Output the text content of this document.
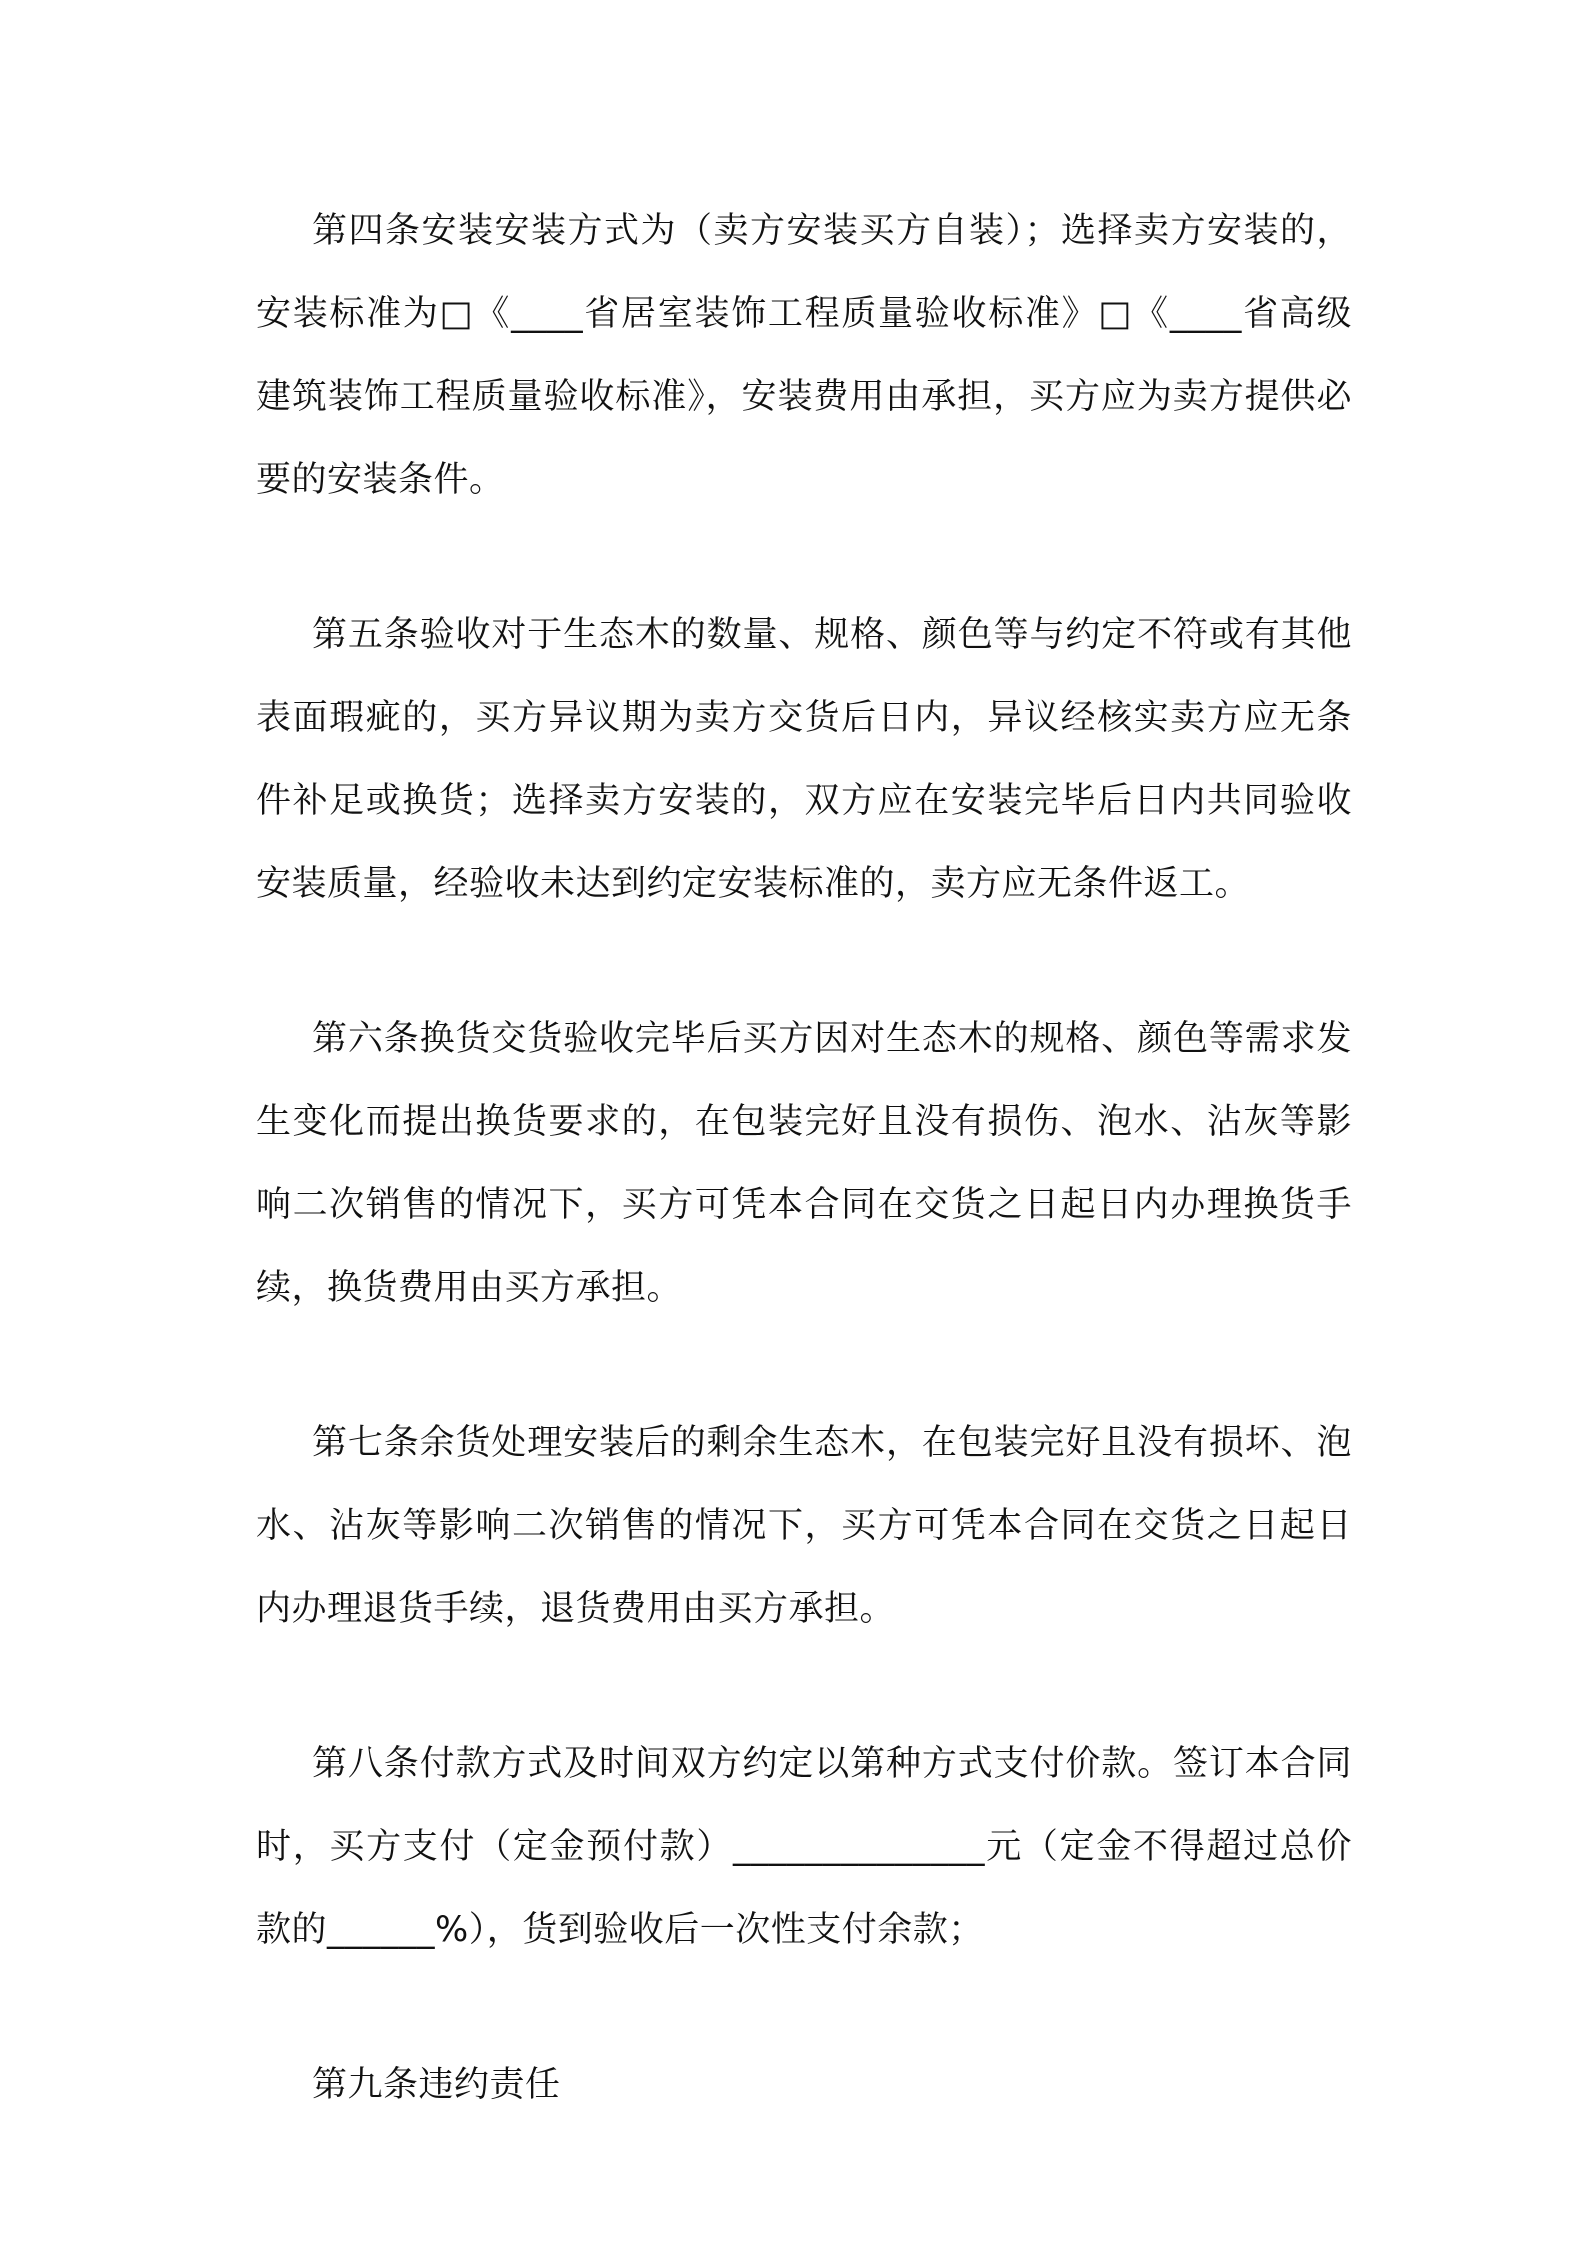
第四条安装安装方式为（卖方安装买方自装）；选择卖方安装的，安装标准为□《____省居室装饰工程质量验收标准》□《____省高级建筑装饰工程质量验收标准》，安装费用由承担，买方应为卖方提供必要的安装条件。

第五条验收对于生态木的数量、规格、颜色等与约定不符或有其他表面瑕疵的，买方异议期为卖方交货后日内，异议经核实卖方应无条件补足或换货；选择卖方安装的，双方应在安装完毕后日内共同验收安装质量，经验收未达到约定安装标准的，卖方应无条件返工。

第六条换货交货验收完毕后买方因对生态木的规格、颜色等需求发生变化而提出换货要求的，在包装完好且没有损伤、泡水、沾灰等影响二次销售的情况下，买方可凭本合同在交货之日起日内办理换货手续，换货费用由买方承担。

第七条余货处理安装后的剩余生态木，在包装完好且没有损坏、泡水、沾灰等影响二次销售的情况下，买方可凭本合同在交货之日起日内办理退货手续，退货费用由买方承担。

第八条付款方式及时间双方约定以第种方式支付价款。签订本合同时，买方支付（定金预付款）______________元（定金不得超过总价款的______%），货到验收后一次性支付余款；

第九条违约责任
